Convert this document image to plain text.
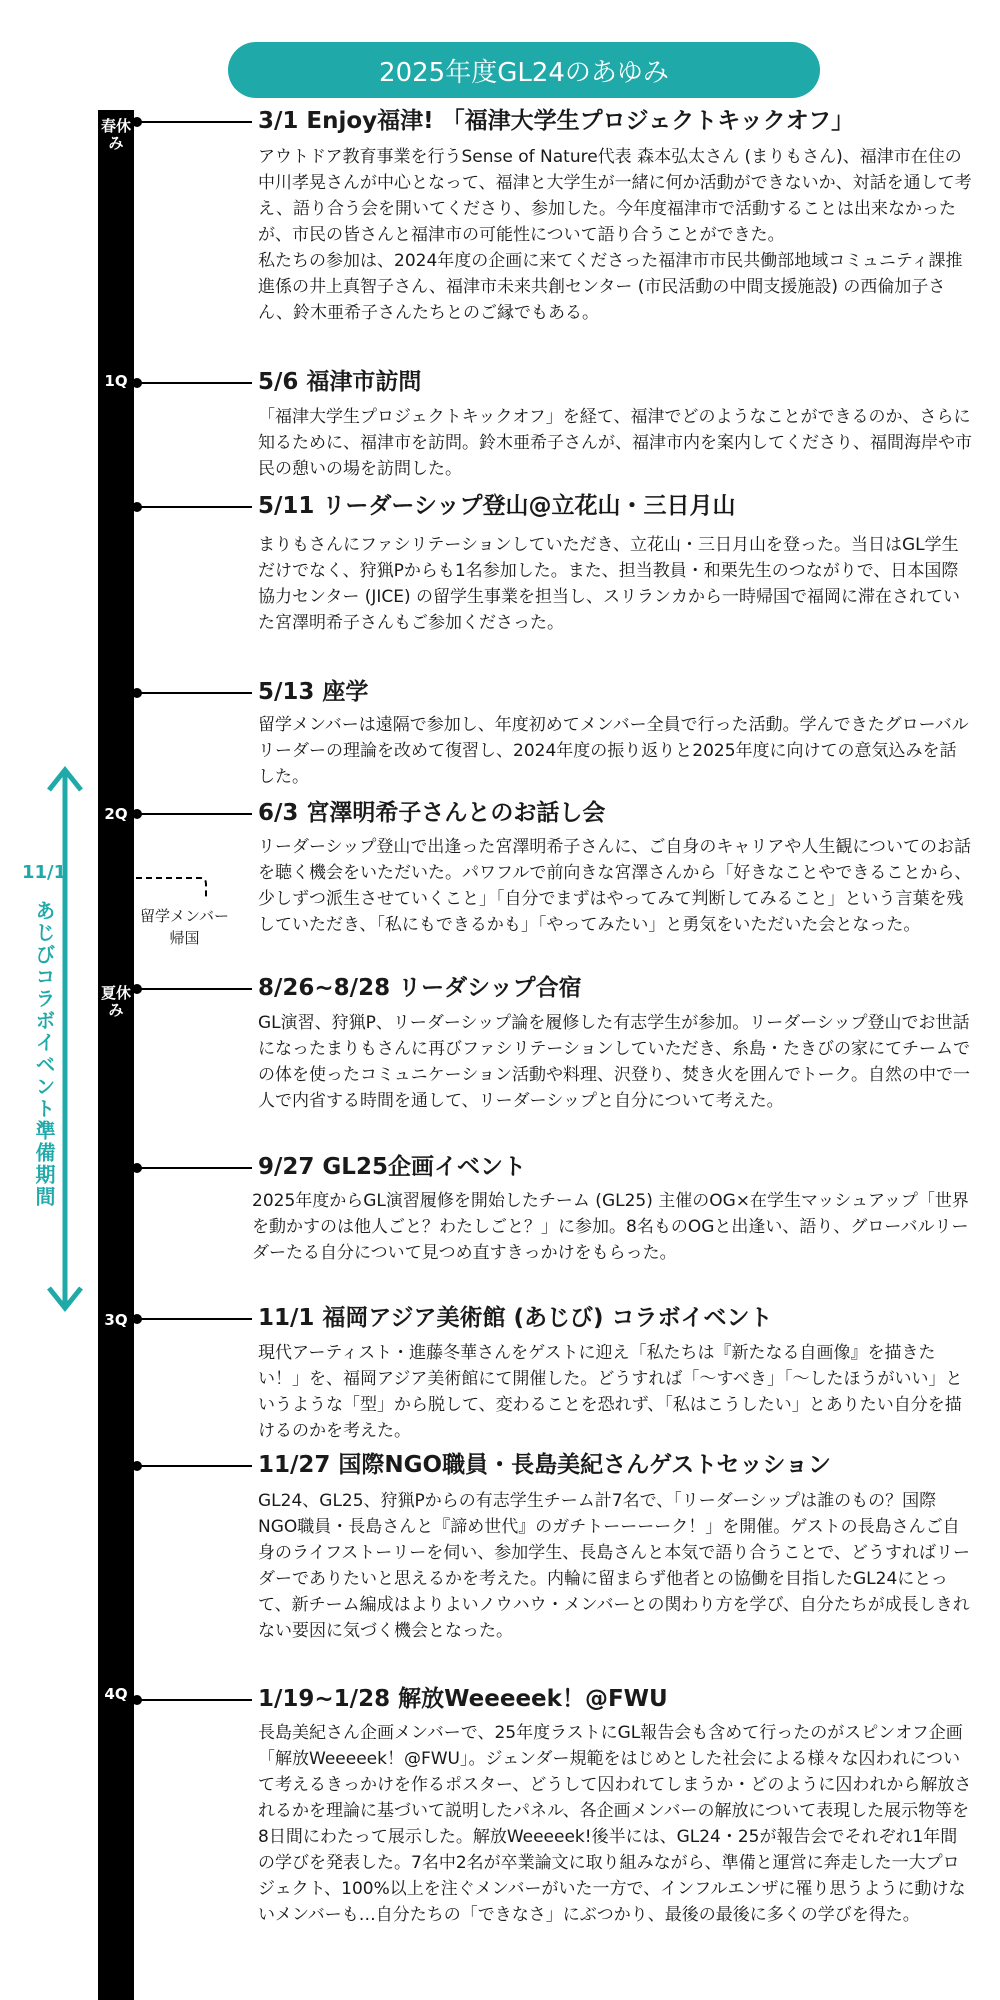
2025年度GL24のあゆみ
春休み
1Q
2Q
夏休み
3Q
4Q
11/1
あじびコラボイベント準備期間	留学メンバー
帰国
3/1 Enjoy福津! 「福津大学生プロジェクトキックオフ」

アウトドア教育事業を行うSense of Nature代表 森本弘太さん (まりもさん)、福津市在住の中川孝晃さんが中心となって、福津と大学生が一緒に何か活動ができないか、対話を通して考え、語り合う会を開いてくださり、参加した。今年度福津市で活動することは出来なかったが、市民の皆さんと福津市の可能性について語り合うことができた。
私たちの参加は、2024年度の企画に来てくださった福津市市民共働部地域コミュニティ課推進係の井上真智子さん、福津市未来共創センター (市民活動の中間支援施設) の西倫加子さん、鈴木亜希子さんたちとのご縁でもある。

5/6 福津市訪問

「福津大学生プロジェクトキックオフ」を経て、福津でどのようなことができるのか、さらに知るために、福津市を訪問。鈴木亜希子さんが、福津市内を案内してくださり、福間海岸や市民の憩いの場を訪問した。

5/11 リーダーシップ登山@立花山・三日月山

まりもさんにファシリテーションしていただき、立花山・三日月山を登った。当日はGL学生だけでなく、狩猟Pからも1名参加した。また、担当教員・和栗先生のつながりで、日本国際協力センター (JICE) の留学生事業を担当し、スリランカから一時帰国で福岡に滞在されていた宮澤明希子さんもご参加くださった。

5/13 座学

留学メンバーは遠隔で参加し、年度初めてメンバー全員で行った活動。学んできたグローバルリーダーの理論を改めて復習し、2024年度の振り返りと2025年度に向けての意気込みを話した。

6/3 宮澤明希子さんとのお話し会

リーダーシップ登山で出逢った宮澤明希子さんに、ご自身のキャリアや人生観についてのお話を聴く機会をいただいた。パワフルで前向きな宮澤さんから「好きなことやできることから、少しずつ派生させていくこと」「自分でまずはやってみて判断してみること」という言葉を残していただき、「私にもできるかも」「やってみたい」と勇気をいただいた会となった。

8/26~8/28 リーダシップ合宿

GL演習、狩猟P、リーダーシップ論を履修した有志学生が参加。リーダーシップ登山でお世話になったまりもさんに再びファシリテーションしていただき、糸島・たきびの家にてチームでの体を使ったコミュニケーション活動や料理、沢登り、焚き火を囲んでトーク。自然の中で一人で内省する時間を通して、リーダーシップと自分について考えた。

9/27 GL25企画イベント

2025年度からGL演習履修を開始したチーム (GL25) 主催のOG×在学生マッシュアップ「世界を動かすのは他人ごと？わたしごと？」に参加。8名ものOGと出逢い、語り、グローバルリーダーたる自分について見つめ直すきっかけをもらった。

11/1 福岡アジア美術館 (あじび) コラボイベント

現代アーティスト・進藤冬華さんをゲストに迎え「私たちは『新たなる自画像』を描きたい！」を、福岡アジア美術館にて開催した。どうすれば「〜すべき」「〜したほうがいい」というような「型」から脱して、変わることを恐れず、「私はこうしたい」とありたい自分を描けるのかを考えた。

11/27 国際NGO職員・長島美紀さんゲストセッション

GL24、GL25、狩猟Pからの有志学生チーム計7名で、「リーダーシップは誰のもの？国際NGO職員・長島さんと『諦め世代』のガチトーーーーク！」を開催。ゲストの長島さんご自身のライフストーリーを伺い、参加学生、長島さんと本気で語り合うことで、どうすればリーダーでありたいと思えるかを考えた。内輪に留まらず他者との協働を目指したGL24にとって、新チーム編成はよりよいノウハウ・メンバーとの関わり方を学び、自分たちが成長しきれない要因に気づく機会となった。

1/19~1/28 解放Weeeeek！@FWU

長島美紀さん企画メンバーで、25年度ラストにGL報告会も含めて行ったのがスピンオフ企画「解放Weeeeek！@FWU」。ジェンダー規範をはじめとした社会による様々な囚われについて考えるきっかけを作るポスター、どうして囚われてしまうか・どのように囚われから解放されるかを理論に基づいて説明したパネル、各企画メンバーの解放について表現した展示物等を8日間にわたって展示した。解放Weeeeek!後半には、GL24・25が報告会でそれぞれ1年間の学びを発表した。7名中2名が卒業論文に取り組みながら、準備と運営に奔走した一大プロジェクト、100%以上を注ぐメンバーがいた一方で、インフルエンザに罹り思うように動けないメンバーも…自分たちの「できなさ」にぶつかり、最後の最後に多くの学びを得た。
